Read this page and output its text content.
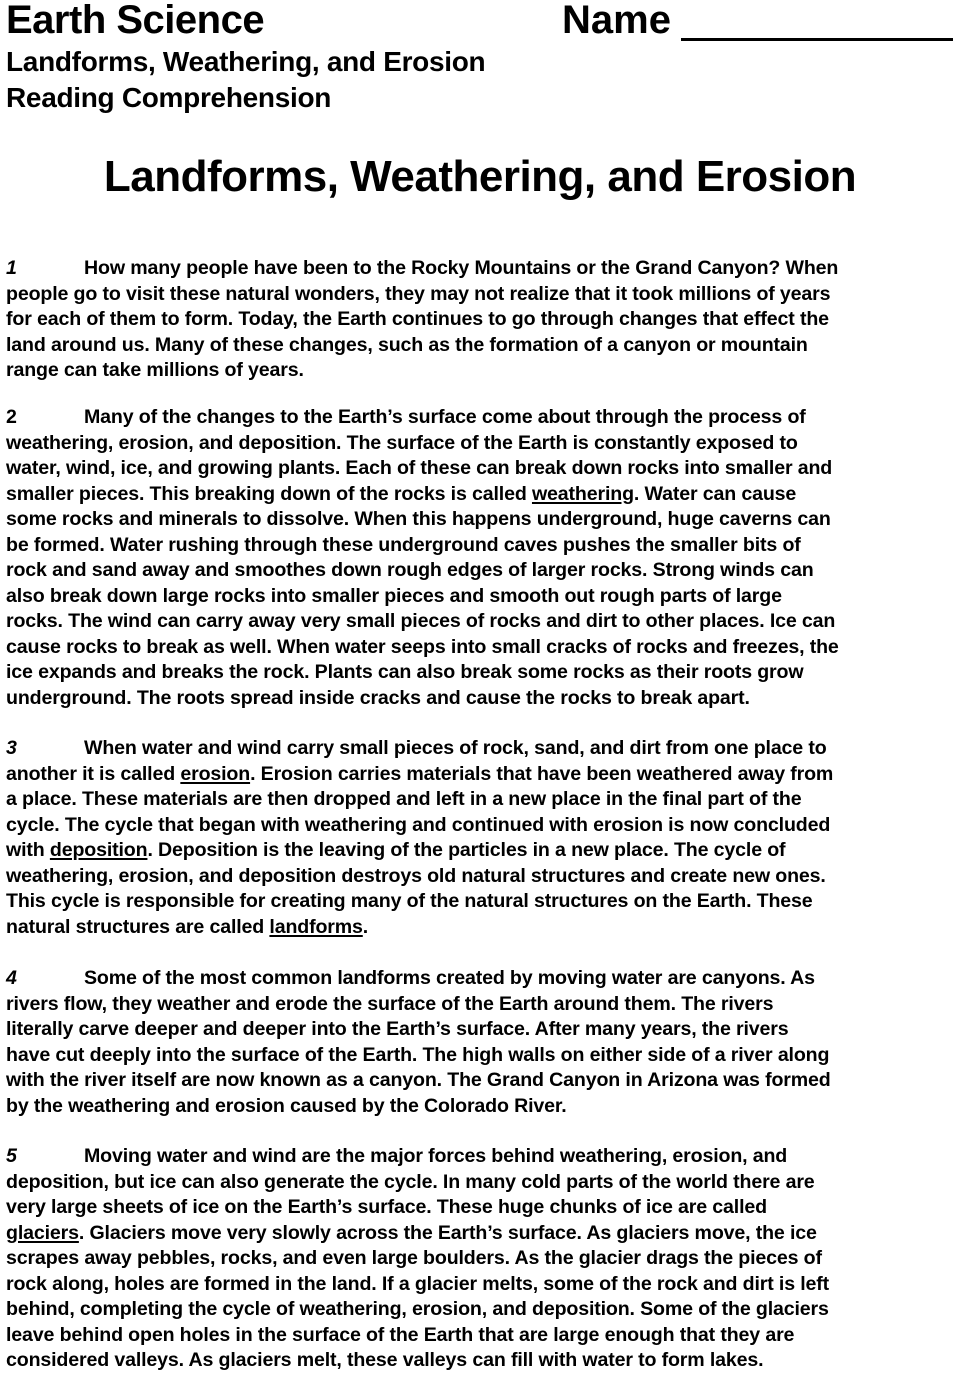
Earth Science	Name
Landforms, Weathering, and Erosion
Reading Comprehension
Landforms, Weathering, and Erosion
1	How many people have been to the Rocky Mountains or the Grand Canyon? When
people go to visit these natural wonders, they may not realize that it took millions of years
for each of them to form. Today, the Earth continues to go through changes that effect the
land around us. Many of these changes, such as the formation of a canyon or mountain
range can take millions of years.
2	Many of the changes to the Earth’s surface come about through the process of
weathering, erosion, and deposition. The surface of the Earth is constantly exposed to
water, wind, ice, and growing plants. Each of these can break down rocks into smaller and
smaller pieces. This breaking down of the rocks is called weathering. Water can cause
some rocks and minerals to dissolve. When this happens underground, huge caverns can
be formed. Water rushing through these underground caves pushes the smaller bits of
rock and sand away and smoothes down rough edges of larger rocks. Strong winds can
also break down large rocks into smaller pieces and smooth out rough parts of large
rocks. The wind can carry away very small pieces of rocks and dirt to other places. Ice can
cause rocks to break as well. When water seeps into small cracks of rocks and freezes, the
ice expands and breaks the rock. Plants can also break some rocks as their roots grow
underground. The roots spread inside cracks and cause the rocks to break apart.
3	When water and wind carry small pieces of rock, sand, and dirt from one place to
another it is called erosion. Erosion carries materials that have been weathered away from
a place. These materials are then dropped and left in a new place in the final part of the
cycle. The cycle that began with weathering and continued with erosion is now concluded
with deposition. Deposition is the leaving of the particles in a new place. The cycle of
weathering, erosion, and deposition destroys old natural structures and create new ones.
This cycle is responsible for creating many of the natural structures on the Earth. These
natural structures are called landforms.
4	Some of the most common landforms created by moving water are canyons. As
rivers flow, they weather and erode the surface of the Earth around them. The rivers
literally carve deeper and deeper into the Earth’s surface. After many years, the rivers
have cut deeply into the surface of the Earth. The high walls on either side of a river along
with the river itself are now known as a canyon. The Grand Canyon in Arizona was formed
by the weathering and erosion caused by the Colorado River.
5	Moving water and wind are the major forces behind weathering, erosion, and
deposition, but ice can also generate the cycle. In many cold parts of the world there are
very large sheets of ice on the Earth’s surface. These huge chunks of ice are called
glaciers. Glaciers move very slowly across the Earth’s surface. As glaciers move, the ice
scrapes away pebbles, rocks, and even large boulders. As the glacier drags the pieces of
rock along, holes are formed in the land. If a glacier melts, some of the rock and dirt is left
behind, completing the cycle of weathering, erosion, and deposition. Some of the glaciers
leave behind open holes in the surface of the Earth that are large enough that they are
considered valleys. As glaciers melt, these valleys can fill with water to form lakes.
